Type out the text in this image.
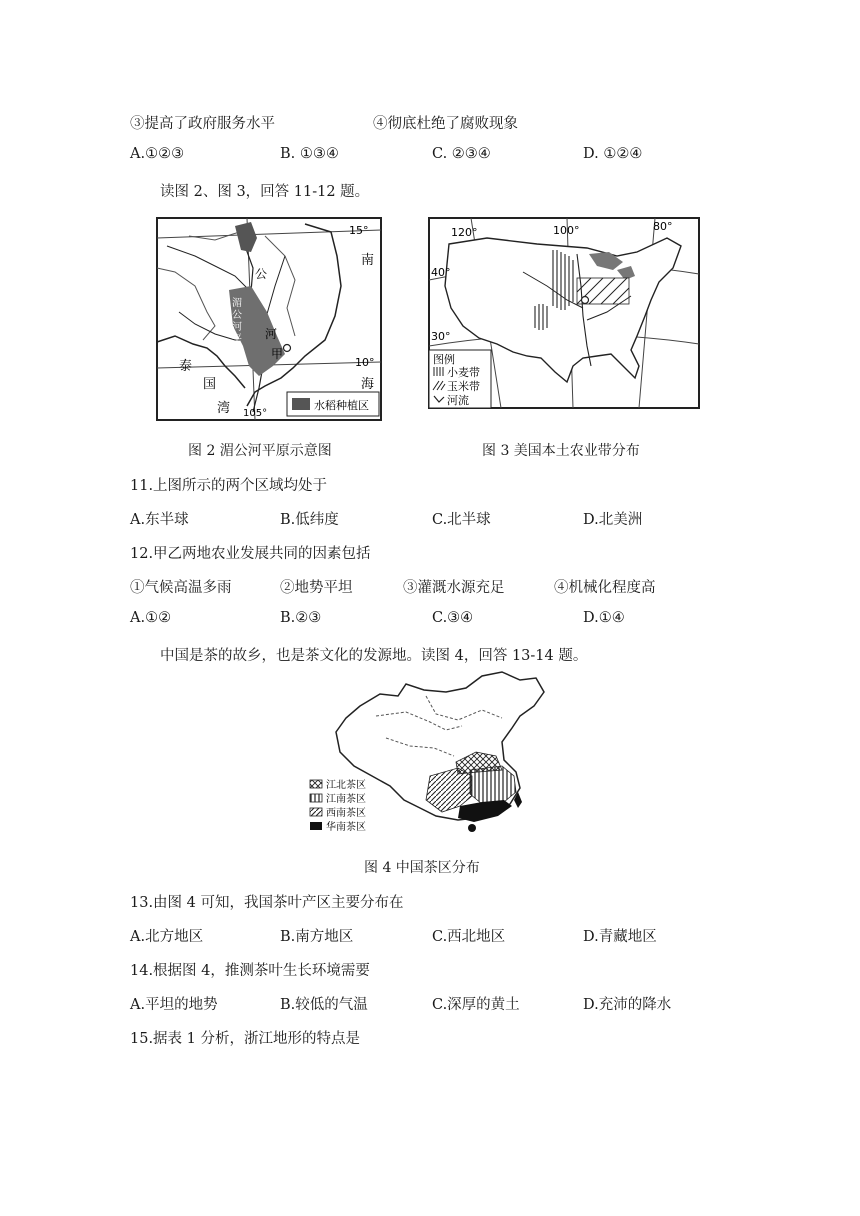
③提高了政府服务水平	④彻底杜绝了腐败现象
A.①②③	B. ①③④	C. ②③④	D. ①②④
读图 2、图 3，回答 11-12 题。
15°
10°
105°
南
海
泰
国
湾
公
河
甲
湄
公
河
平
原
水稻种植区
图 2 湄公河平原示意图
120°	100°	80°
40°
30°
图例
小麦带
玉米带
河流
图 3 美国本土农业带分布
11.上图所示的两个区域均处于
A.东半球	B.低纬度	C.北半球	D.北美洲
12.甲乙两地农业发展共同的因素包括
①气候高温多雨	②地势平坦	③灌溉水源充足	④机械化程度高
A.①②	B.②③	C.③④	D.①④
中国是茶的故乡，也是茶文化的发源地。读图 4，回答 13-14 题。
江北茶区
江南茶区
西南茶区
华南茶区
图 4 中国茶区分布
13.由图 4 可知，我国茶叶产区主要分布在
A.北方地区	B.南方地区	C.西北地区	D.青藏地区
14.根据图 4，推测茶叶生长环境需要
A.平坦的地势	B.较低的气温	C.深厚的黄土	D.充沛的降水
15.据表 1 分析，浙江地形的特点是
